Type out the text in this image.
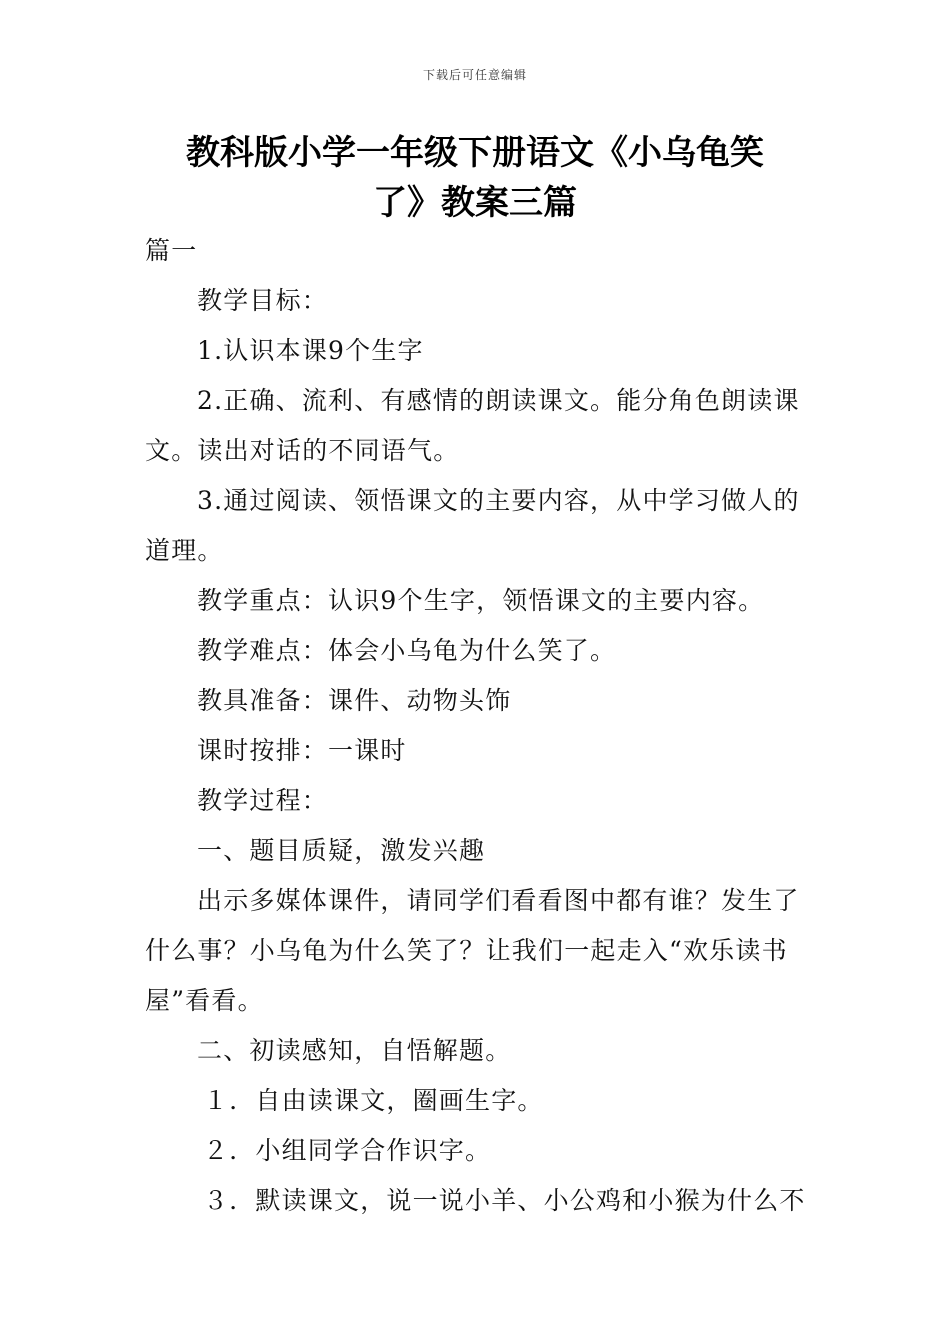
下载后可任意编辑
教科版小学一年级下册语文《小乌龟笑
了》教案三篇

篇一

教学目标：

1.认识本课9个生字

2.正确、流利、有感情的朗读课文。能分角色朗读课文。读出对话的不同语气。

3.通过阅读、领悟课文的主要内容，从中学习做人的道理。

教学重点：认识9个生字，领悟课文的主要内容。

教学难点：体会小乌龟为什么笑了。

教具准备：课件、动物头饰

课时按排：一课时

教学过程：

一、题目质疑，激发兴趣

出示多媒体课件，请同学们看看图中都有谁？发生了什么事？小乌龟为什么笑了？让我们一起走入“欢乐读书屋”看看。

二、初读感知，自悟解题。

１．自由读课文，圈画生字。

２．小组同学合作识字。

３．默读课文，说一说小羊、小公鸡和小猴为什么不
